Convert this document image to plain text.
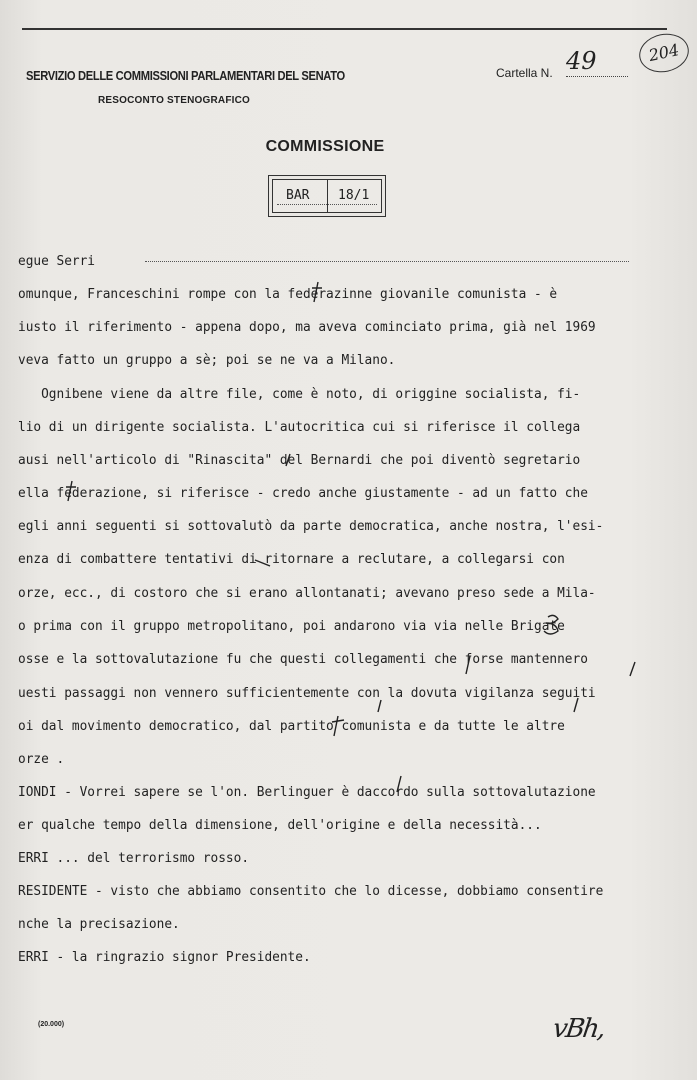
204
SERVIZIO DELLE COMMISSIONI PARLAMENTARI DEL SENATO
RESOCONTO STENOGRAFICO
Cartella N. 49
COMMISSIONE
BAR 18/1
egue Serri
omunque, Franceschini rompe con la federazinne giovanile comunista - è
iusto il riferimento - appena dopo, ma aveva cominciato prima, già nel 1969
veva fatto un gruppo a sè; poi se ne va a Milano.
Ognibene viene da altre file, come è noto, di origgine socialista, fi-
lio di un dirigente socialista. L'autocritica cui si riferisce il collega
ausi nell'articolo di "Rinascita" del Bernardi che poi diventò segretario
ella federazione, si riferisce - credo anche giustamente - ad un fatto che
egli anni seguenti si sottovalutò da parte democratica, anche nostra, l'esi-
enza di combattere tentativi di ritornare a reclutare, a collegarsi con
orze, ecc., di costoro che si erano allontanati; avevano preso sede a Mila-
o prima con il gruppo metropolitano, poi andarono via via nelle Brigate
osse e la sottovalutazione fu che questi collegamenti che forse mantennero
uesti passaggi non vennero sufficientemente con la dovuta vigilanza seguiti
oi dal movimento democratico, dal partito comunista e da tutte le altre
orze .
IONDI - Vorrei sapere se l'on. Berlinguer è daccordo sulla sottovalutazione
er qualche tempo della dimensione, dell'origine e della necessità...
ERRI ... del terrorismo rosso.
RESIDENTE - visto che abbiamo consentito che lo dicesse, dobbiamo consentire
nche la precisazione.
ERRI - la ringrazio signor Presidente.
(20.000)	vBh,
